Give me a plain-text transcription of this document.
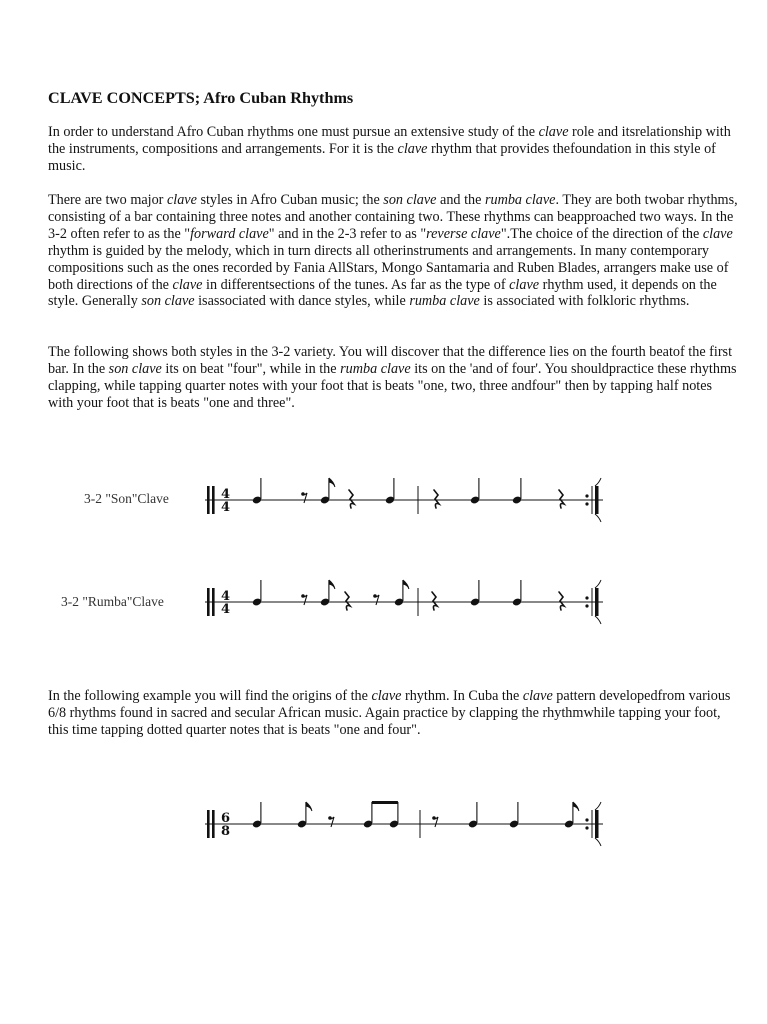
CLAVE CONCEPTS; Afro Cuban Rhythms
In order to understand Afro Cuban rhythms one must pursue an extensive study of the clave role and itsrelationship with the instruments, compositions and arrangements. For it is the clave rhythm that provides thefoundation in this style of music.
There are two major clave styles in Afro Cuban music; the son clave and the rumba clave. They are both twobar rhythms, consisting of a bar containing three notes and another containing two. These rhythms can beapproached two ways. In the 3-2 often refer to as the "forward clave" and in the 2-3 refer to as "reverse clave".The choice of the direction of the clave rhythm is guided by the melody, which in turn directs all otherinstruments and arrangements. In many contemporary compositions such as the ones recorded by Fania AllStars, Mongo Santamaria and Ruben Blades, arrangers make use of both directions of the clave in differentsections of the tunes. As far as the type of clave rhythm used, it depends on the style. Generally son clave isassociated with dance styles, while rumba clave is associated with folkloric rhythms.
The following shows both styles in the 3-2 variety. You will discover that the difference lies on the fourth beatof the first bar. In the son clave its on beat "four", while in the rumba clave its on the 'and of four'. You shouldpractice these rhythms clapping, while tapping quarter notes with your foot that is beats "one, two, three andfour" then by tapping half notes with your foot that is beats "one and three".
In the following example you will find the origins of the clave rhythm. In Cuba the clave pattern developedfrom various 6/8 rhythms found in sacred and secular African music. Again practice by clapping the rhythmwhile tapping your foot, this time tapping dotted quarter notes that is beats "one and four".
3-2 "Son"Clave	4
4
3-2 "Rumba"Clave	4
4
6
8
